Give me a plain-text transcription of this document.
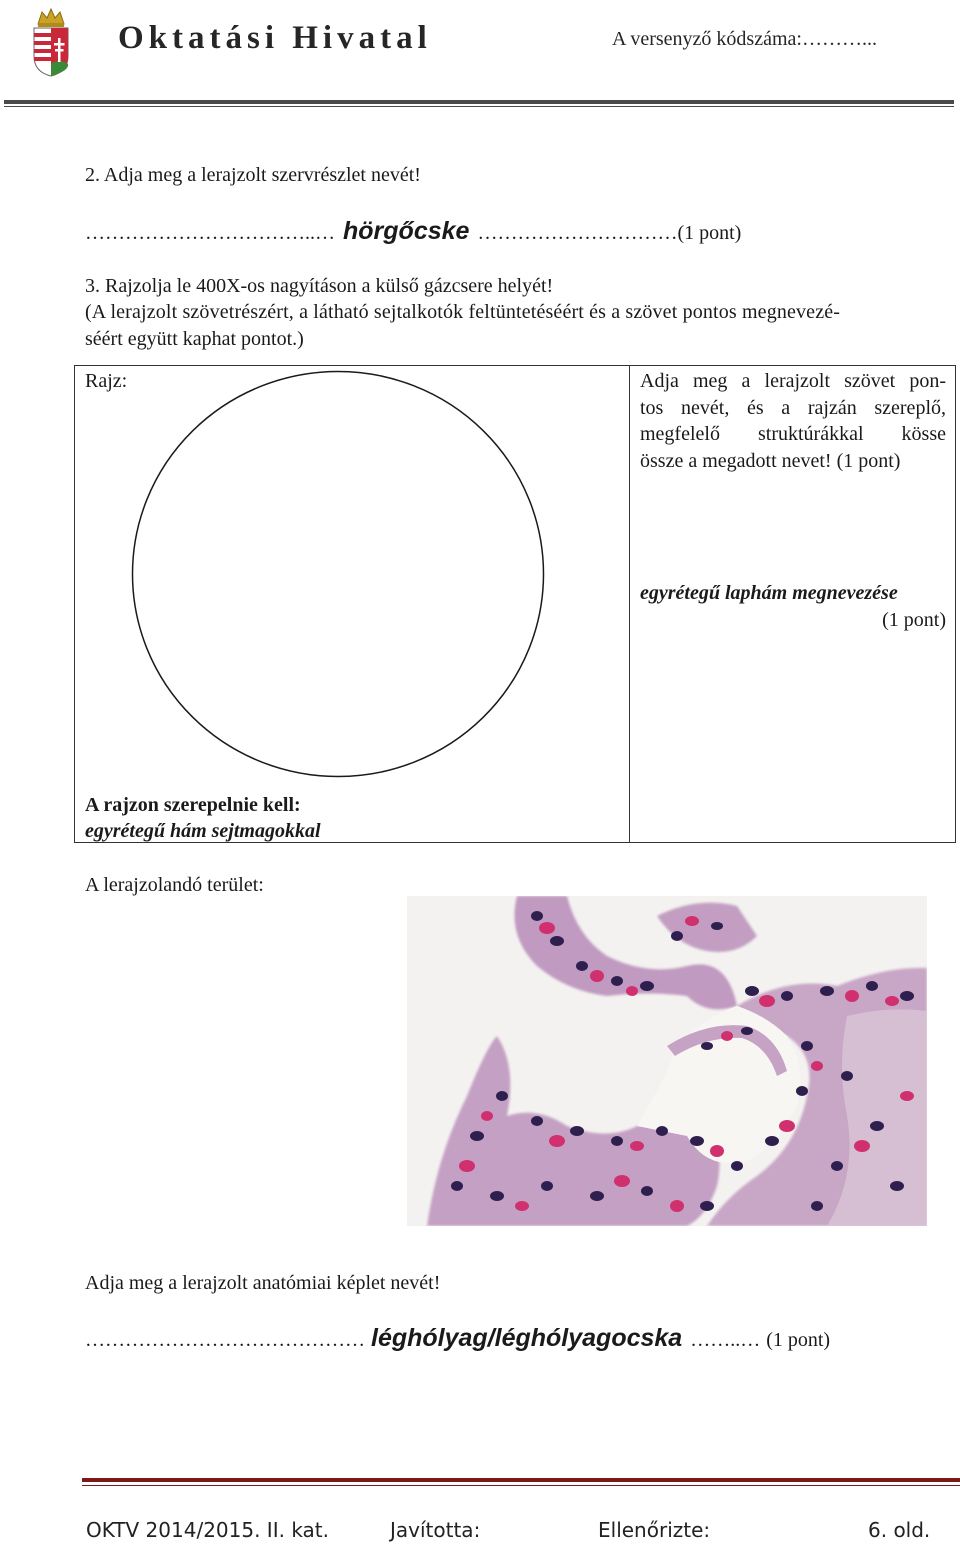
Oktatási Hivatal	A versenyző kódszáma:………...
2. Adja meg a lerajzolt szervrészlet nevét!
……………………………..… hörgőcske ………………………… (1 pont)
3. Rajzolja le 400X-os nagyításon a külső gázcsere helyét!
(A lerajzolt szövetrészért, a látható sejtalkotók feltüntetéséért és a szövet pontos megnevezé-
séért együtt kaphat pontot.)
Rajz:	Adja meg a lerajzolt szövet pon-
tos nevét, és a rajzán szereplő,
megfelelő struktúrákkal kösse
össze a megadott nevet! (1 pont)
egyrétegű laphám megnevezése
(1 pont)
A rajzon szerepelnie kell:
egyrétegű hám sejtmagokkal
A lerajzolandó terület:
Adja meg a lerajzolt anatómiai képlet nevét!
…………………………………… léghólyag/léghólyagocska ……..… (1 pont)
OKTV 2014/2015. II. kat.	Javította:	Ellenőrizte:	6. old.
